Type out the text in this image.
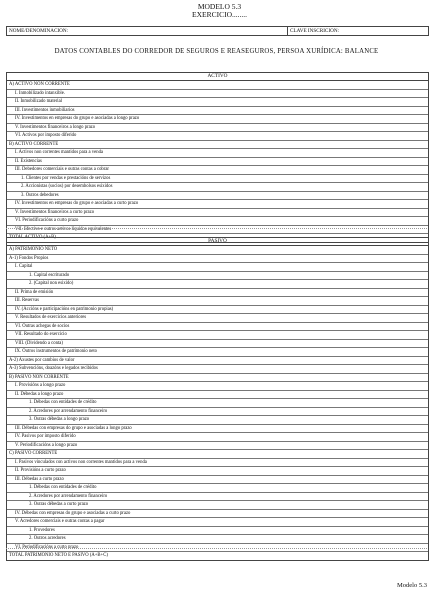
MODELO 5.3
EXERCICIO........
NOME/DENOMINACION:	CLAVE INSCRICION:
DATOS CONTABLES DO CORREDOR DE SEGUROS E REASEGUROS, PERSOA XURÍDICA: BALANCE
ACTIVO
A) ACTIVO NON CORRENTE
I. Inmobilizado intanxible.
II. Inmobilizado material
III. Investimentos inmobiliarios
IV. Investimentos en empresas do grupo e asociadas a longo prazo
V. Investimentos financeiros a longo prazo
VI. Activos por imposto diferido
B) ACTIVO CORRENTE
I. Activos non correntes mantidos para a venda
II. Existencias
III. Debedores comerciais e outras contas a cobrar
1. Clientes por vendas e prestacións de servizos
2. Accionistas (socios) por desembolsos esixidos
3. Outros debedores
IV. Investimentos en empresas do grupo e asociadas a curto prazo
V. Investimentos financeiros a curto prazo
VI. Periodificacións a curto prazo
VII. Efectivo e outros activos líquidos equivalentes
TOTAL ACTIVO (A+B)
PASIVO
A) PATRIMONIO NETO
A-1) Fondos Propios
I. Capital
1. Capital escriturado
2. (Capital non esixido)
II. Prima de emisión
III. Reservas
IV. (Accións e participacións en patrimonio propias)
V. Resultados de exercicios anteriores
VI. Outras achegas de socios
VII. Resultado do exercicio
VIII. (Dividendo a conta)
IX. Outros instrumentos de patrimonio neto
A-2) Axustes por cambios de valor
A-3) Subvencións, doazóns e legados recibidos
B) PASIVO NON CORRENTE
I. Provisións a longo prazo
II. Débedas a longo prazo
1. Débedas con entidades de crédito
2. Acredores por arrendamento financeiro
3. Outras débedas a longo prazo
III. Débedas con empresas do grupo e asociadas a longo prazo
IV. Pasivos por imposto diferido
V. Periodificacións a longo prazo
C) PASIVO CORRENTE
I. Pasivos vinculados con activos non correntes mantidos para a venda
II. Provisións a curto prazo
III. Débedas a curto prazo
1. Débedas con entidades de crédito
2. Acredores por arrendamento financeiro
3. Outras débedas a curto prazo
IV. Débedas con empresas do grupo e asociadas a curto prazo
V. Acredores comerciais e outras contas a pagar
1. Provedores
2. Outros acredores
VI. Periodificacións a curto prazo
TOTAL PATRIMONIO NETO E PASIVO (A+B+C)
Modelo 5.3
